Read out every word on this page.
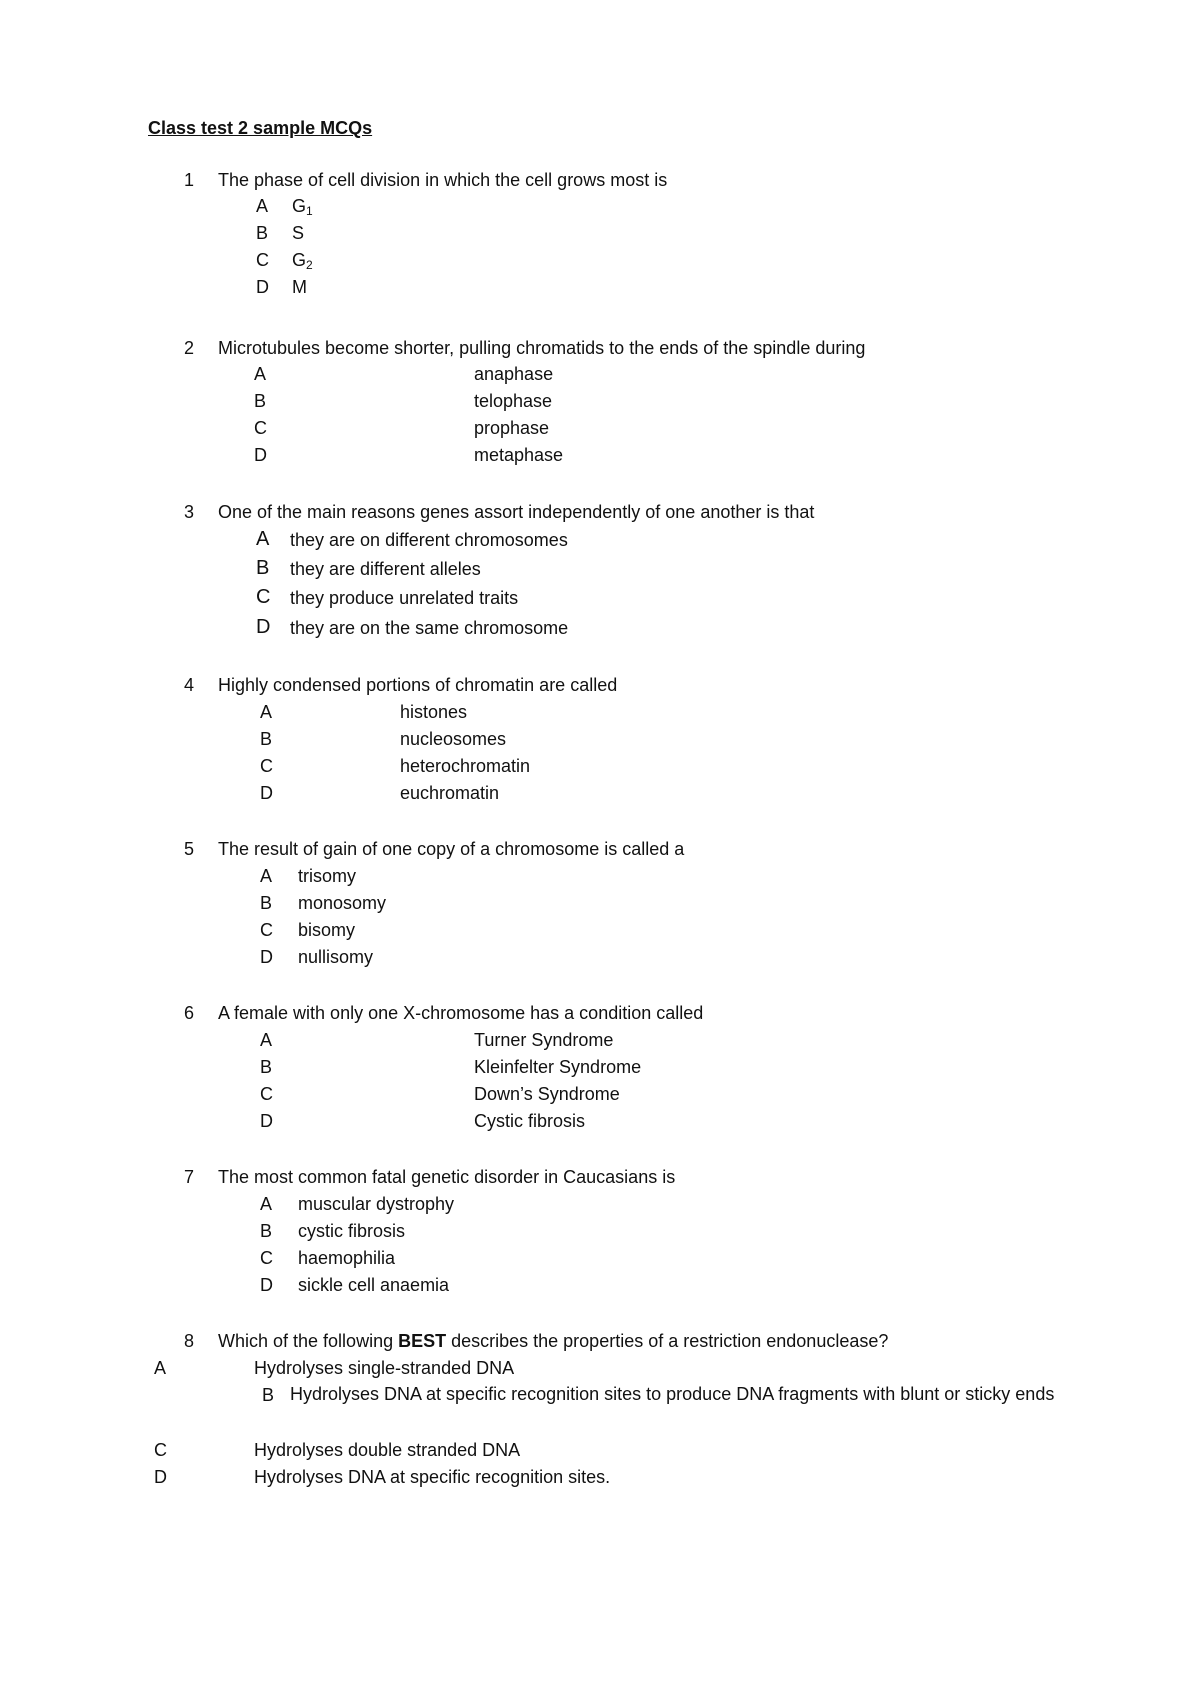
Class test 2 sample MCQs
1 The phase of cell division in which the cell grows most is
A $G_1$
B S
C $G_2$
D M
2 Microtubules become shorter, pulling chromatids to the ends of the spindle during
A	anaphase
B	telophase
C	prophase
D	metaphase
3 One of the main reasons genes assort independently of one another is that
A they are on different chromosomes
B they are different alleles
C they produce unrelated traits
D they are on the same chromosome
4 Highly condensed portions of chromatin are called
A	histones
B	nucleosomes
C	heterochromatin
D	euchromatin
5 The result of gain of one copy of a chromosome is called a
A trisomy
B monosomy
C bisomy
D nullisomy
6 A female with only one X-chromosome has a condition called
A	Turner Syndrome
B	Kleinfelter Syndrome
C	Down’s Syndrome
D	Cystic fibrosis
7 The most common fatal genetic disorder in Caucasians is
A muscular dystrophy
B cystic fibrosis
C haemophilia
D sickle cell anaemia
8 Which of the following BEST describes the properties of a restriction endonuclease?
A	Hydrolyses single-stranded DNA
B Hydrolyses DNA at specific recognition sites to produce DNA fragments with blunt or sticky ends
C	Hydrolyses double stranded DNA
D	Hydrolyses DNA at specific recognition sites.
